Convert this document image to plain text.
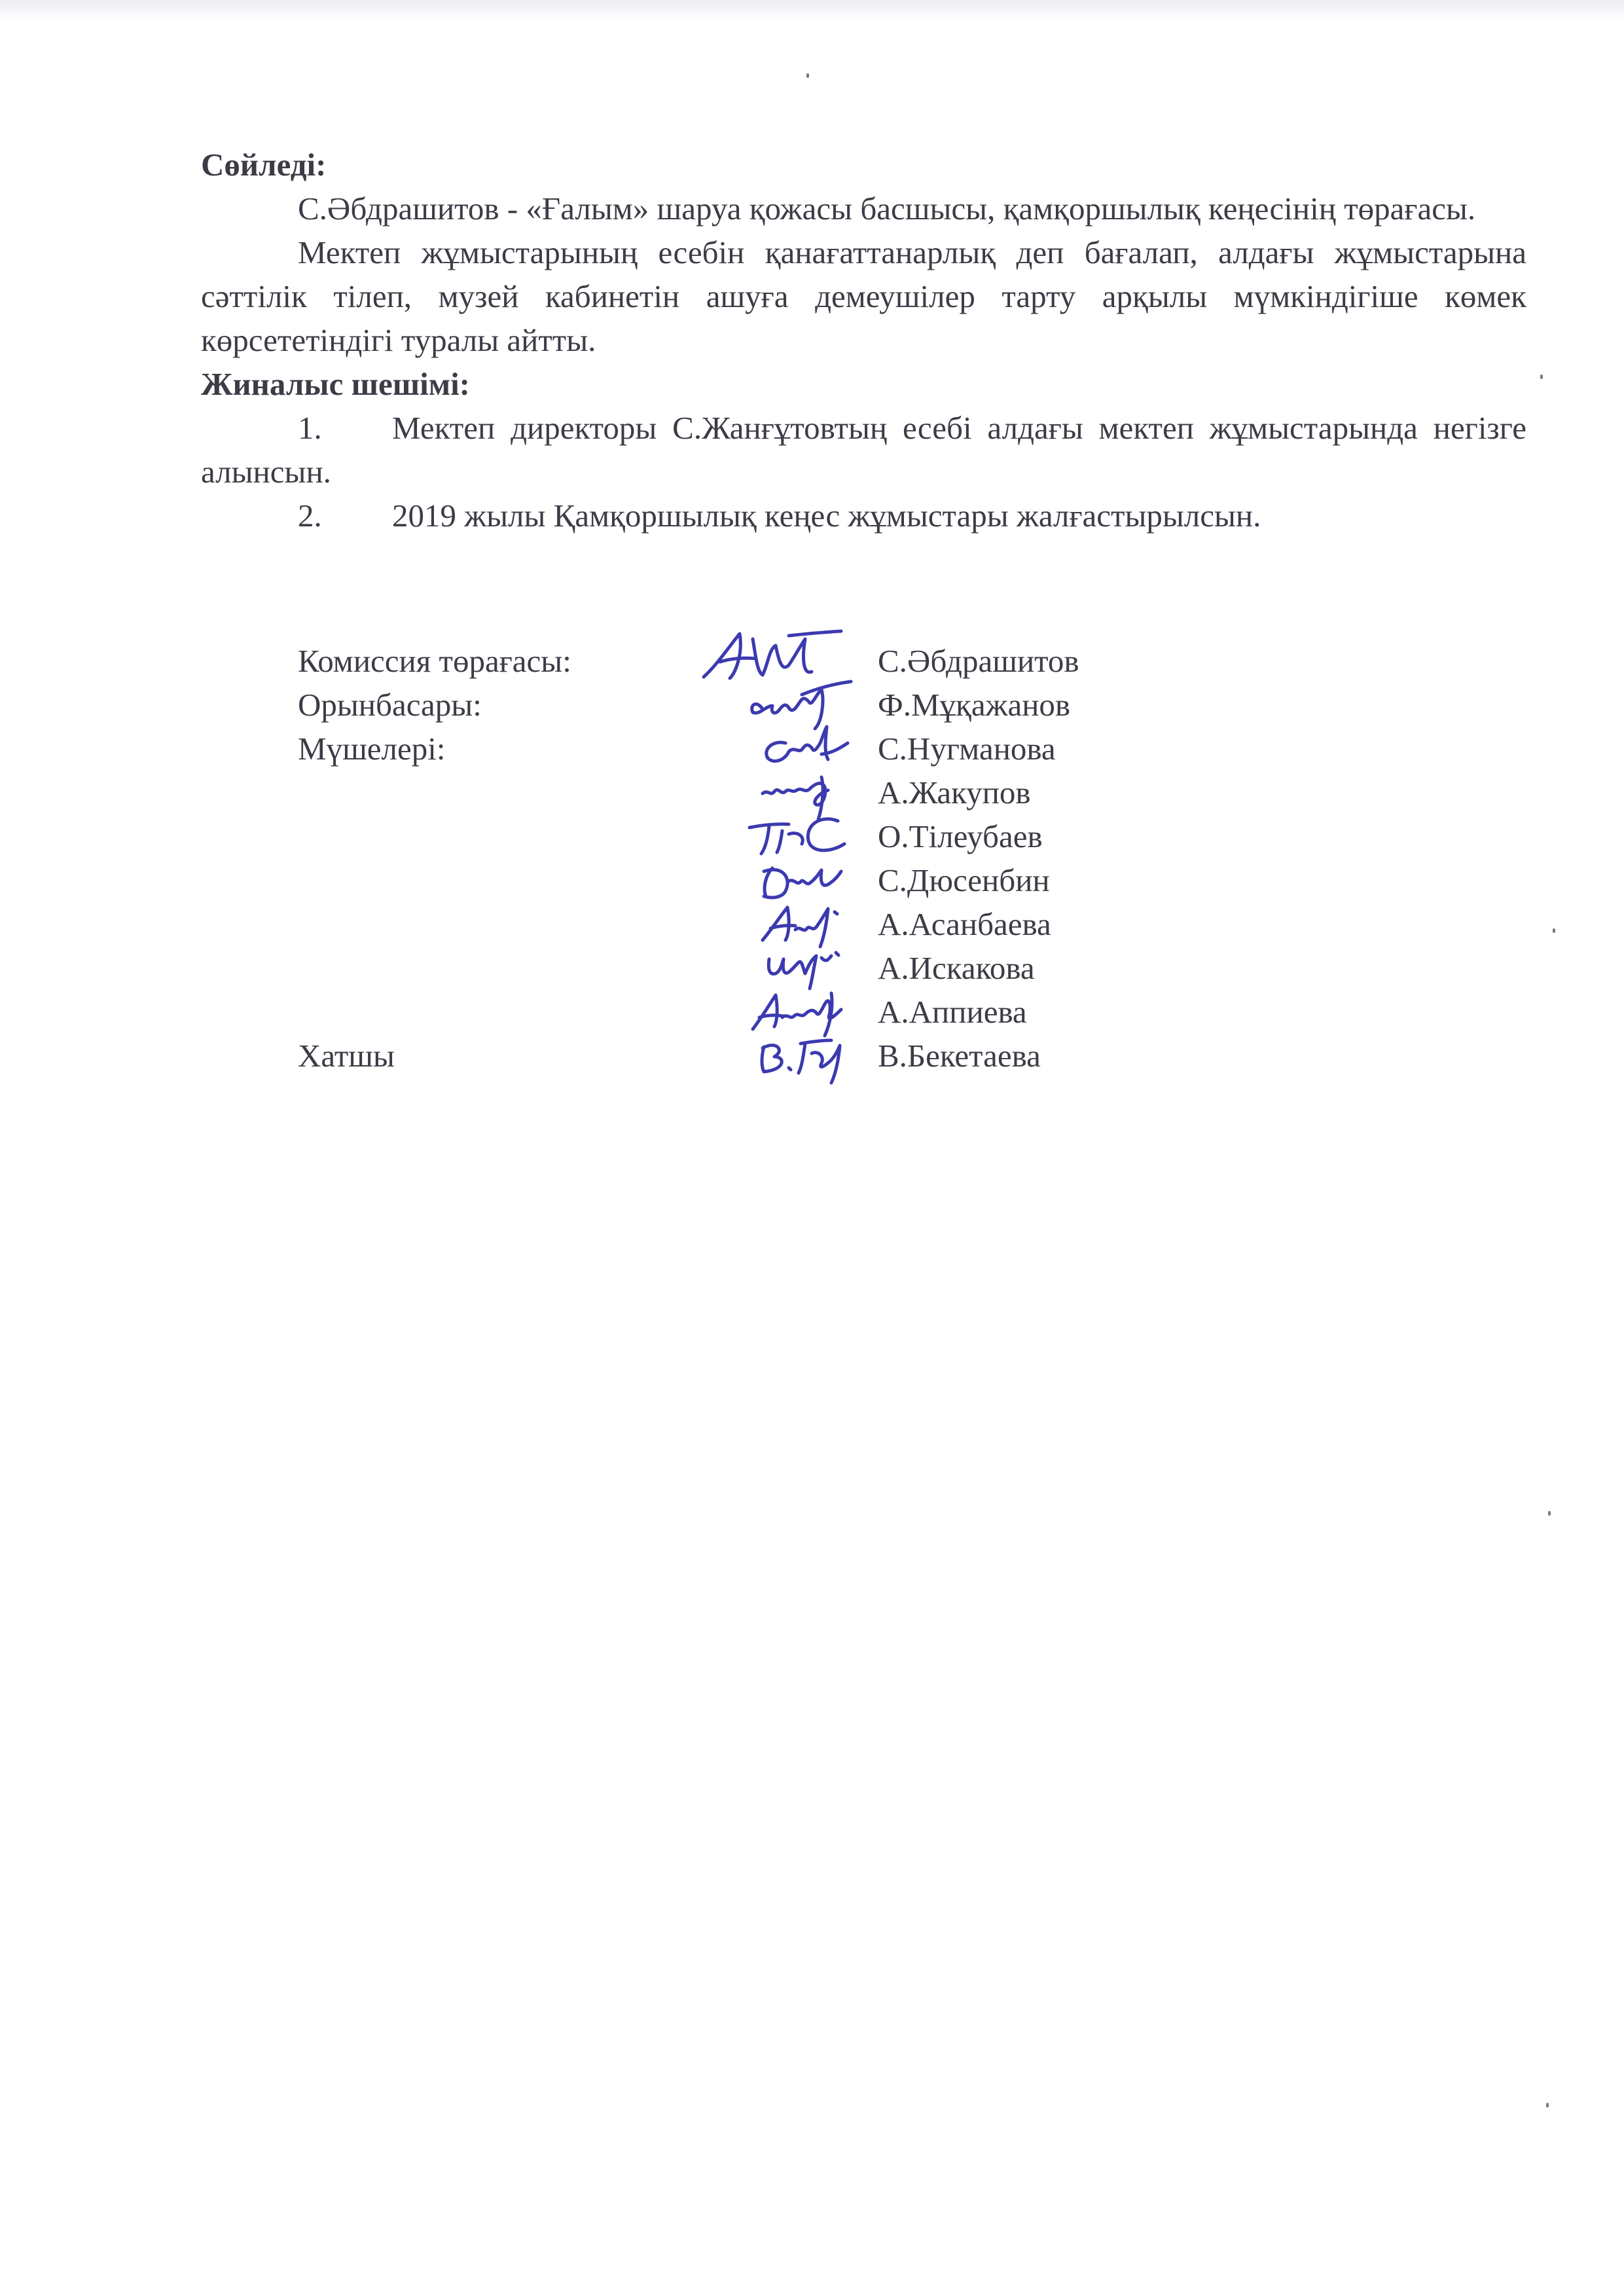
Сөйледі:

С.Әбдрашитов - «Ғалым» шаруа қожасы басшысы, қамқоршылық кеңесінің төрағасы.

Мектеп жұмыстарының есебін қанағаттанарлық деп бағалап, алдағы жұмыстарына сәттілік тілеп, музей кабинетін ашуға демеушілер тарту арқылы мүмкіндігіше көмек көрсететіндігі туралы айтты.

Жиналыс шешімі:

1. Мектеп директоры С.Жанғұтовтың есебі алдағы мектеп жұмыстарында негізге алынсын.

2. 2019 жылы Қамқоршылық кеңес жұмыстары жалғастырылсын.

Комиссия төрағасы:	С.Әбдрашитов
Орынбасары:	Ф.Мұқажанов
Мүшелері:	С.Нугманова
А.Жакупов
О.Тілеубаев
С.Дюсенбин
А.Асанбаева
А.Искакова
А.Аппиева
Хатшы	В.Бекетаева
